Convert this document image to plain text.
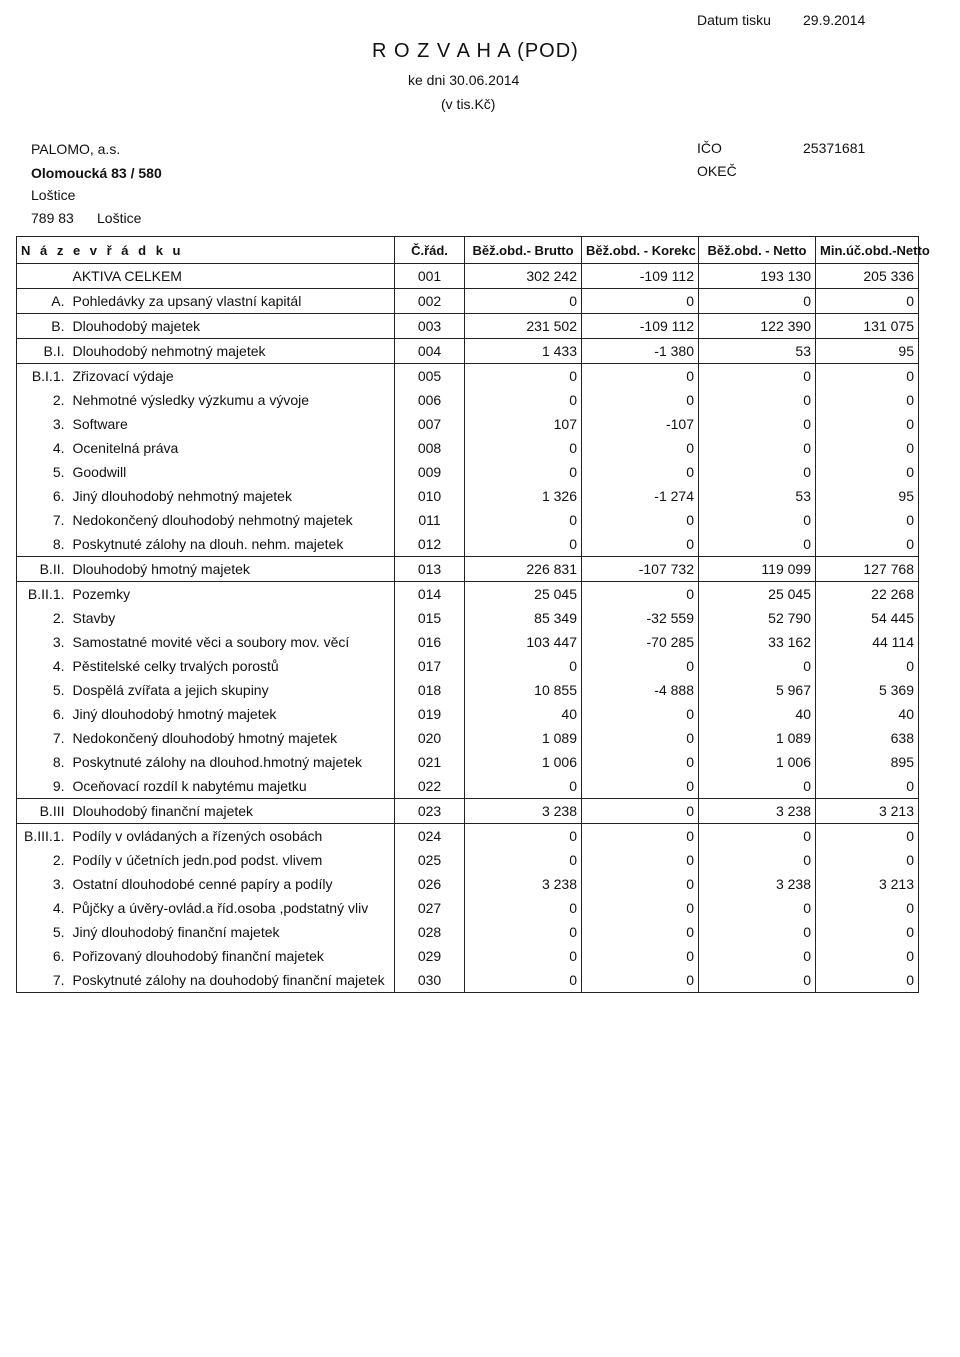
Datum tisku 29.9.2014
R O Z V A H A (POD)
ke dni 30.06.2014
(v tis.Kč)
PALOMO, a.s.
Olomoucká 83 / 580
Loštice
789 83 Loštice
IČO	25371681
OKEČ
N á z e v ř á d k u		Č.řád.	Běž.obd.- Brutto	Běž.obd. - Korekc	Běž.obd. - Netto	Min.úč.obd.-Netto
	AKTIVA CELKEM	001	302 242	-109 112	193 130	205 336
A.	Pohledávky za upsaný vlastní kapitál	002	0	0	0	0
B.	Dlouhodobý majetek	003	231 502	-109 112	122 390	131 075
B.I.	Dlouhodobý nehmotný majetek	004	1 433	-1 380	53	95
B.I.1.	Zřizovací výdaje	005	0	0	0	0
2.	Nehmotné výsledky výzkumu a vývoje	006	0	0	0	0
3.	Software	007	107	-107	0	0
4.	Ocenitelná práva	008	0	0	0	0
5.	Goodwill	009	0	0	0	0
6.	Jiný dlouhodobý nehmotný majetek	010	1 326	-1 274	53	95
7.	Nedokončený dlouhodobý nehmotný majetek	011	0	0	0	0
8.	Poskytnuté zálohy na dlouh. nehm. majetek	012	0	0	0	0
B.II.	Dlouhodobý hmotný majetek	013	226 831	-107 732	119 099	127 768
B.II.1.	Pozemky	014	25 045	0	25 045	22 268
2.	Stavby	015	85 349	-32 559	52 790	54 445
3.	Samostatné movité věci a soubory mov. věcí	016	103 447	-70 285	33 162	44 114
4.	Pěstitelské celky trvalých porostů	017	0	0	0	0
5.	Dospělá zvířata a jejich skupiny	018	10 855	-4 888	5 967	5 369
6.	Jiný dlouhodobý hmotný majetek	019	40	0	40	40
7.	Nedokončený dlouhodobý hmotný majetek	020	1 089	0	1 089	638
8.	Poskytnuté zálohy na dlouhod.hmotný majetek	021	1 006	0	1 006	895
9.	Oceňovací rozdíl k nabytému majetku	022	0	0	0	0
B.III	Dlouhodobý finanční majetek	023	3 238	0	3 238	3 213
B.III.1.	Podíly v ovládaných a řízených osobách	024	0	0	0	0
2.	Podíly v účetních jedn.pod podst. vlivem	025	0	0	0	0
3.	Ostatní dlouhodobé cenné papíry a podíly	026	3 238	0	3 238	3 213
4.	Půjčky a úvěry-ovlád.a říd.osoba ,podstatný vliv	027	0	0	0	0
5.	Jiný dlouhodobý finanční majetek	028	0	0	0	0
6.	Pořizovaný dlouhodobý finanční majetek	029	0	0	0	0
7.	Poskytnuté zálohy na douhodobý finanční majetek	030	0	0	0	0
